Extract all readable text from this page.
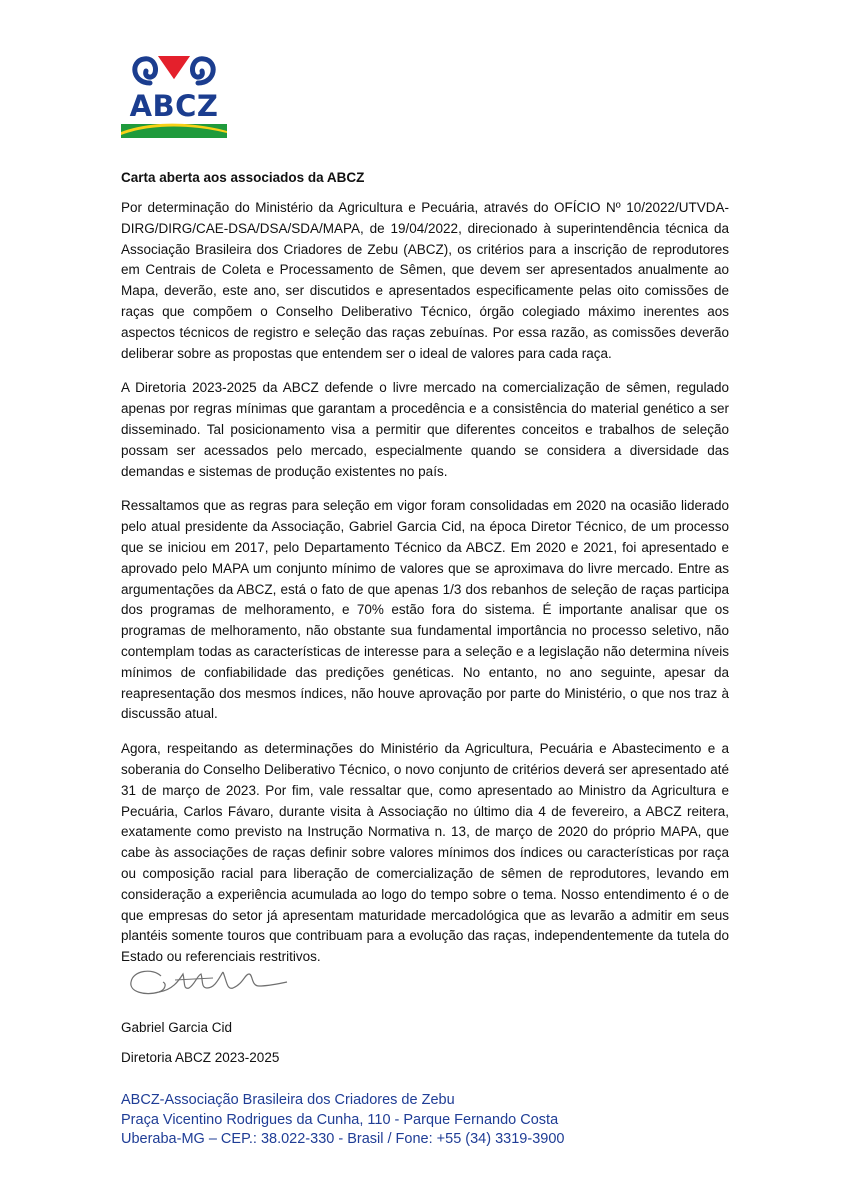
ABCZ

Carta aberta aos associados da ABCZ

Por determinação do Ministério da Agricultura e Pecuária, através do OFÍCIO Nº 10/2022/UTVDA-DIRG/DIRG/CAE-DSA/DSA/SDA/MAPA, de 19/04/2022, direcionado à superintendência técnica da Associação Brasileira dos Criadores de Zebu (ABCZ), os critérios para a inscrição de reprodutores em Centrais de Coleta e Processamento de Sêmen, que devem ser apresentados anualmente ao Mapa, deverão, este ano, ser discutidos e apresentados especificamente pelas oito comissões de raças que compõem o Conselho Deliberativo Técnico, órgão colegiado máximo inerentes aos aspectos técnicos de registro e seleção das raças zebuínas. Por essa razão, as comissões deverão deliberar sobre as propostas que entendem ser o ideal de valores para cada raça.

A Diretoria 2023-2025 da ABCZ defende o livre mercado na comercialização de sêmen, regulado apenas por regras mínimas que garantam a procedência e a consistência do material genético a ser disseminado. Tal posicionamento visa a permitir que diferentes conceitos e trabalhos de seleção possam ser acessados pelo mercado, especialmente quando se considera a diversidade das demandas e sistemas de produção existentes no país.

Ressaltamos que as regras para seleção em vigor foram consolidadas em 2020 na ocasião liderado pelo atual presidente da Associação, Gabriel Garcia Cid, na época Diretor Técnico, de um processo que se iniciou em 2017, pelo Departamento Técnico da ABCZ. Em 2020 e 2021, foi apresentado e aprovado pelo MAPA um conjunto mínimo de valores que se aproximava do livre mercado. Entre as argumentações da ABCZ, está o fato de que apenas 1/3 dos rebanhos de seleção de raças participa dos programas de melhoramento, e 70% estão fora do sistema. É importante analisar que os programas de melhoramento, não obstante sua fundamental importância no processo seletivo, não contemplam todas as características de interesse para a seleção e a legislação não determina níveis mínimos de confiabilidade das predições genéticas. No entanto, no ano seguinte, apesar da reapresentação dos mesmos índices, não houve aprovação por parte do Ministério, o que nos traz à discussão atual.

Agora, respeitando as determinações do Ministério da Agricultura, Pecuária e Abastecimento e a soberania do Conselho Deliberativo Técnico, o novo conjunto de critérios deverá ser apresentado até 31 de março de 2023. Por fim, vale ressaltar que, como apresentado ao Ministro da Agricultura e Pecuária, Carlos Fávaro, durante visita à Associação no último dia 4 de fevereiro, a ABCZ reitera, exatamente como previsto na Instrução Normativa n. 13, de março de 2020 do próprio MAPA, que cabe às associações de raças definir sobre valores mínimos dos índices ou características por raça ou composição racial para liberação de comercialização de sêmen de reprodutores, levando em consideração a experiência acumulada ao logo do tempo sobre o tema. Nosso entendimento é o de que empresas do setor já apresentam maturidade mercadológica que as levarão a admitir em seus plantéis somente touros que contribuam para a evolução das raças, independentemente da tutela do Estado ou referenciais restritivos.

Gabriel Garcia Cid
Diretoria ABCZ 2023-2025
ABCZ-Associação Brasileira dos Criadores de Zebu
Praça Vicentino Rodrigues da Cunha, 110 - Parque Fernando Costa
Uberaba-MG – CEP.: 38.022-330 - Brasil / Fone: +55 (34) 3319-3900
